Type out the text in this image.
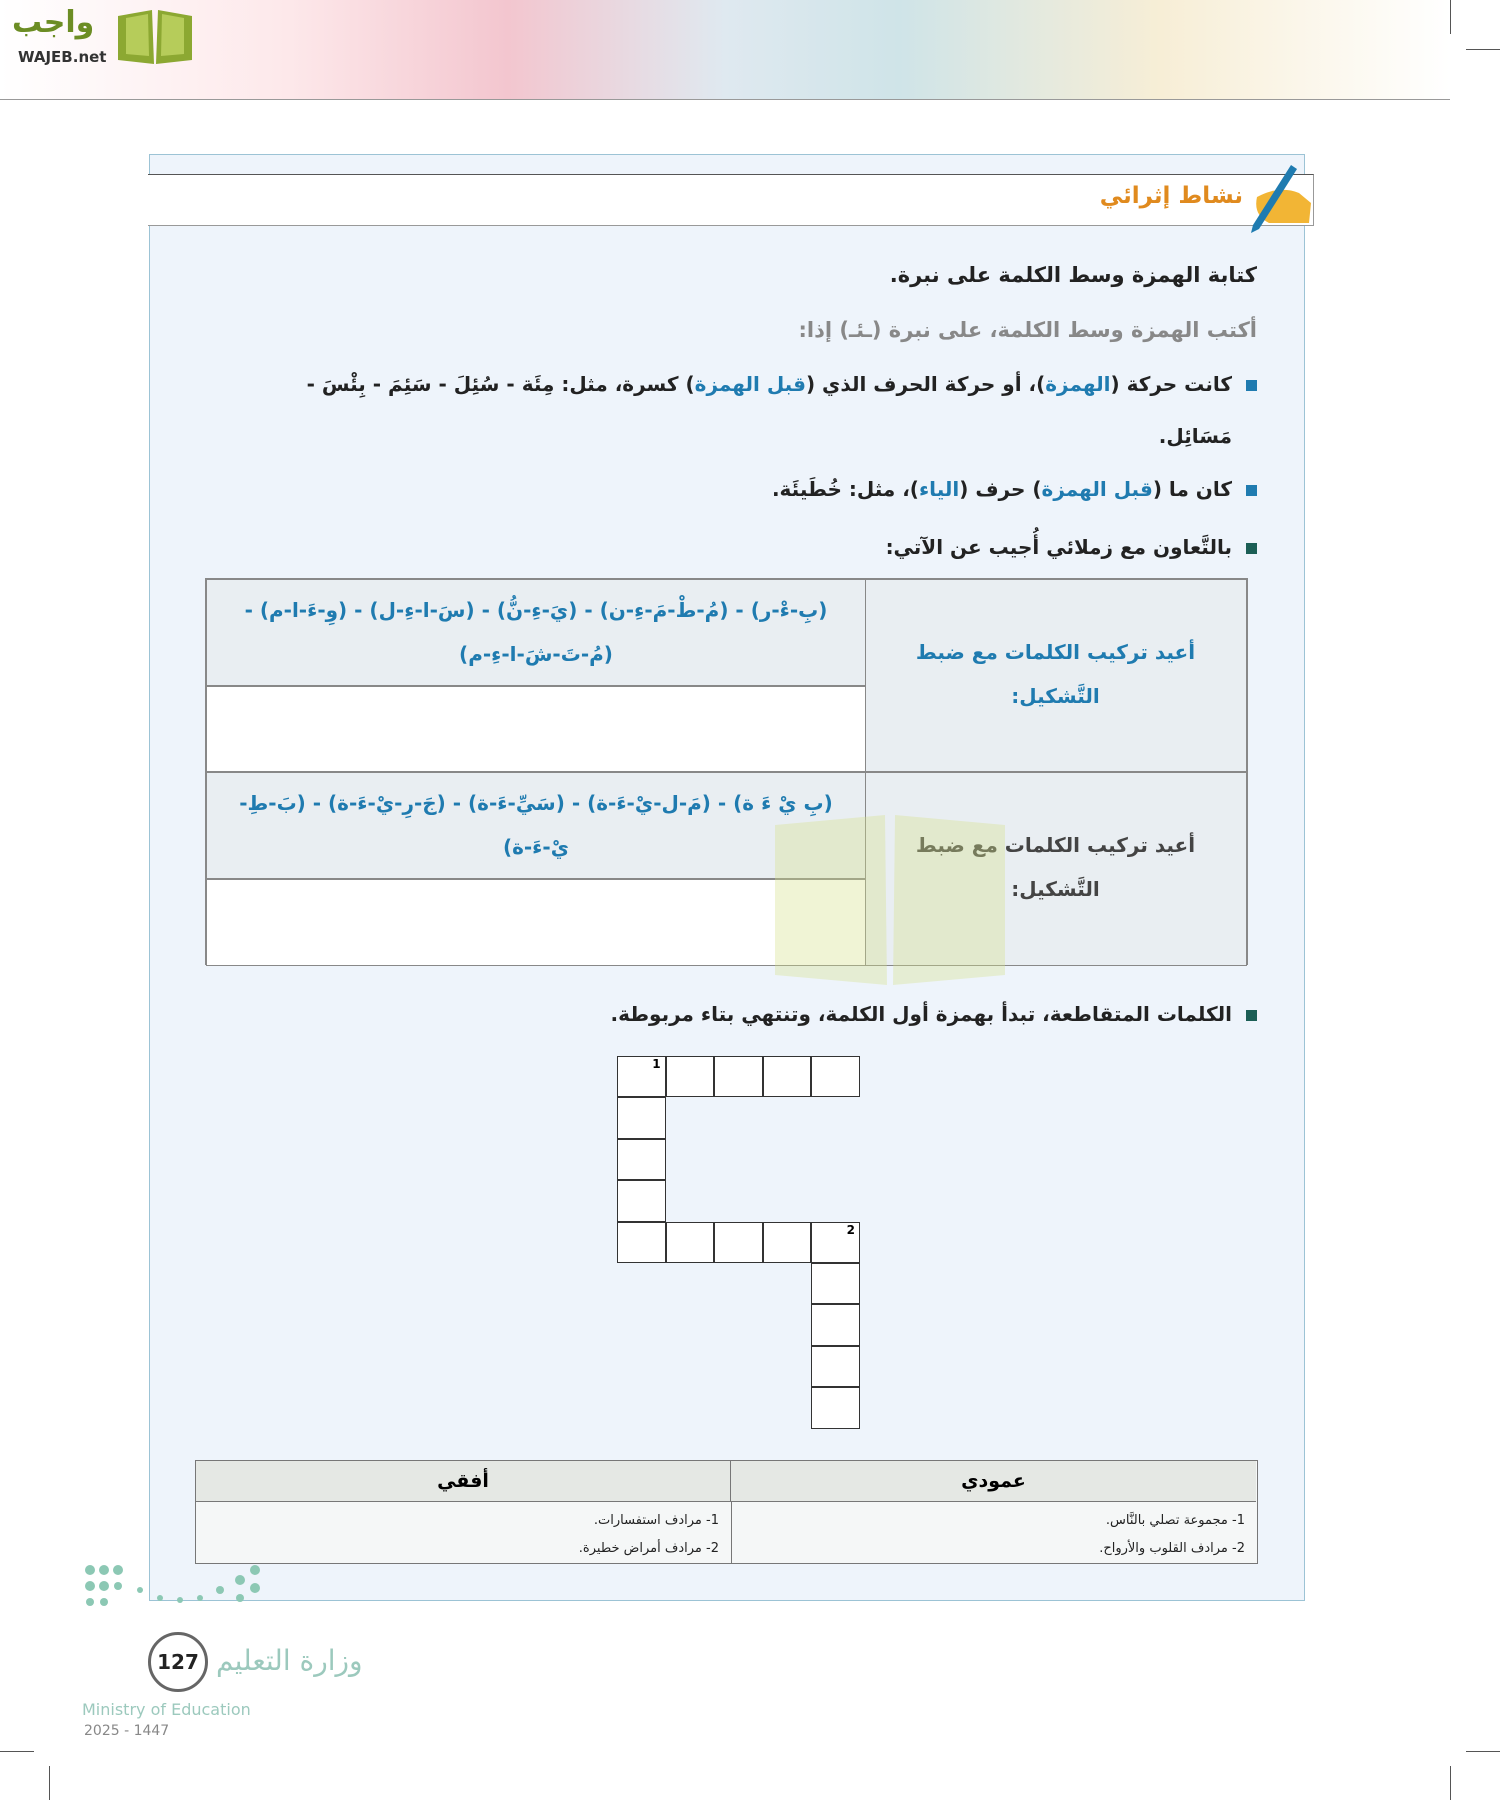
واجب
WAJEB.net
نشاط إثرائي
كتابة الهمزة وسط الكلمة على نبرة.
أكتب الهمزة وسط الكلمة، على نبرة (ـئـ) إذا:
كانت حركة (الهمزة)، أو حركة الحرف الذي (قبل الهمزة) كسرة، مثل: مِئَة - سُئِلَ - سَئِمَ - بِئْسَ -
مَسَائِل.
كان ما (قبل الهمزة) حرف (الياء)، مثل: خُطَيئَة.
بالتَّعاون مع زملائي أُجيب عن الآتي:
أعيد تركيب الكلمات مع ضبط التَّشكيل:
(بِ-ءْ-ر) - (مُ-طْ-مَ-ءِ-ن) - (يَ-ءِ-نُّ) - (سَ-ا-ءِ-ل) - (وِ-ءَ-ا-م) - (مُ-تَ-شَ-ا-ءِ-م)
أعيد تركيب الكلمات مع ضبط التَّشكيل:
(بِ يْ ءَ ة) - (مَ-ل-يْ-ءَ-ة) - (سَيِّ-ءَ-ة) - (جَ-رِ-يْ-ءَ-ة) - (بَ-طِ-يْ-ءَ-ة)
الكلمات المتقاطعة، تبدأ بهمزة أول الكلمة، وتنتهي بتاء مربوطة.
1
2
أفقي	عمودي
1- مرادف استفسارات.
2- مرادف أمراض خطيرة.
1- مجموعة تصلي بالنَّاس.
2- مرادف القلوب والأرواح.
127 وزارة التعليم
Ministry of Education
2025 - 1447
